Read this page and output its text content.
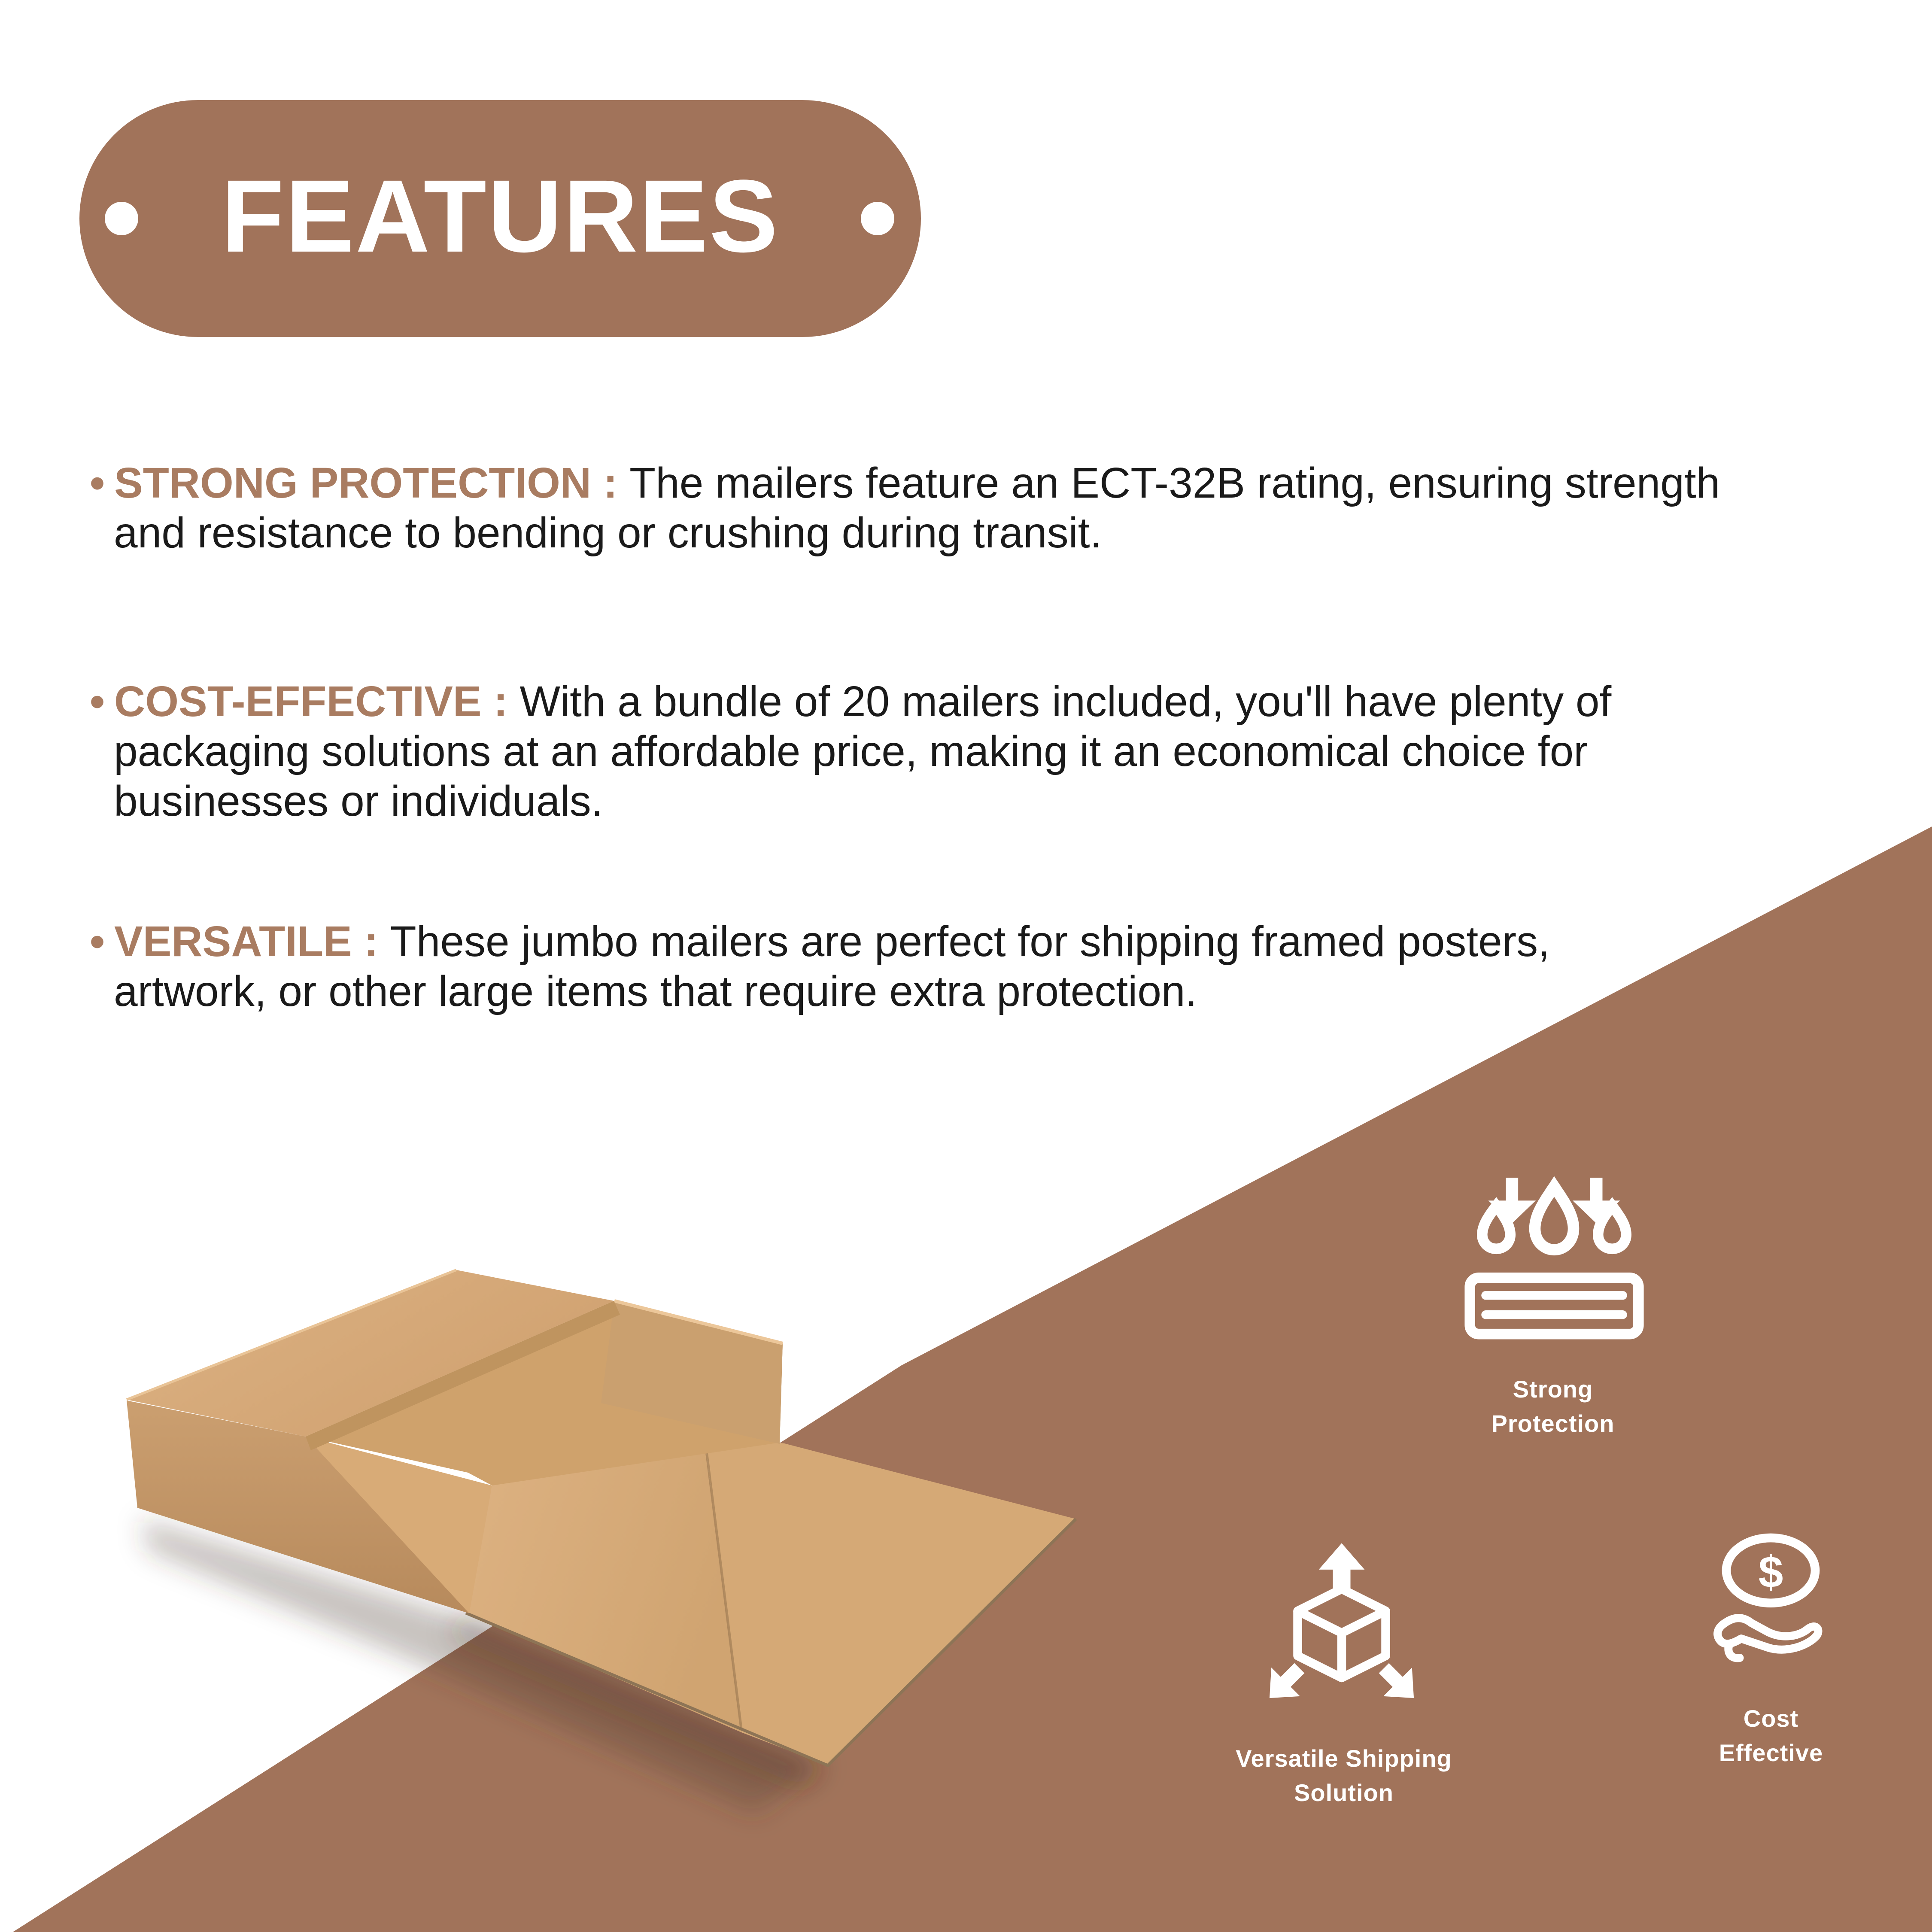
FEATURES
• STRONG PROTECTION : The mailers feature an ECT-32B rating, ensuring strength
and resistance to bending or crushing during transit.
• COST-EFFECTIVE : With a bundle of 20 mailers included, you'll have plenty of
packaging solutions at an affordable price, making it an economical choice for
businesses or individuals.
• VERSATILE : These jumbo mailers are perfect for shipping framed posters,
artwork, or other large items that require extra protection.
Strong
Protection
Versatile Shipping
Solution
$
Cost
Effective
